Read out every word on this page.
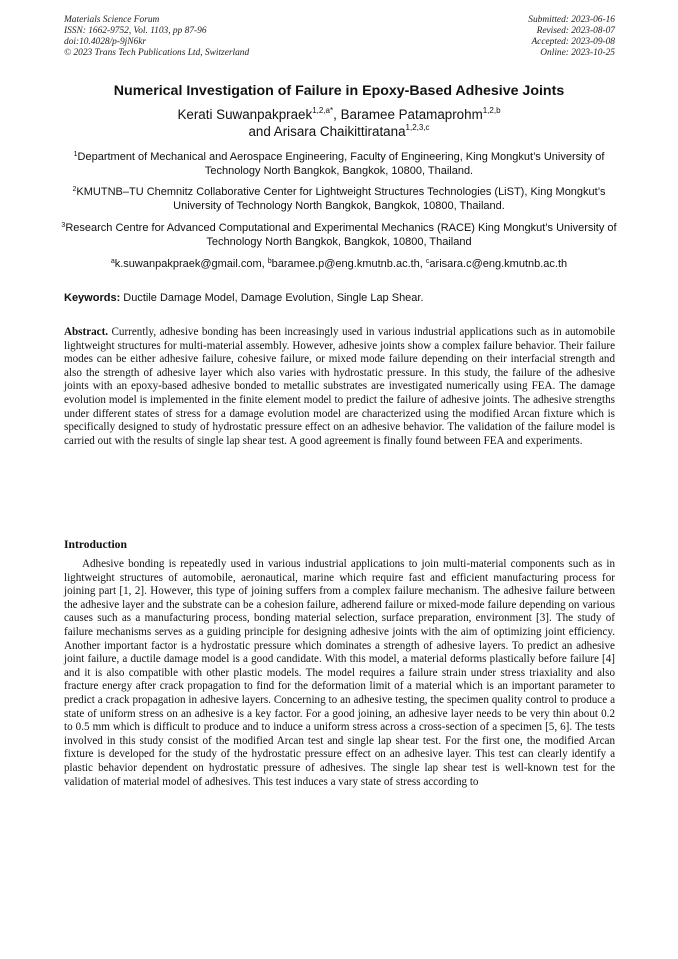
Materials Science Forum
ISSN: 1662-9752, Vol. 1103, pp 87-96
doi:10.4028/p-9jN6kr
© 2023 Trans Tech Publications Ltd, Switzerland
Submitted: 2023-06-16
Revised: 2023-08-07
Accepted: 2023-09-08
Online: 2023-10-25
Numerical Investigation of Failure in Epoxy-Based Adhesive Joints
Kerati Suwanpakpraek$^{1,2,a*}$, Baramee Patamaprohm$^{1,2,b}$
and Arisara Chaikittiratana$^{1,2,3,c}$
$^1$Department of Mechanical and Aerospace Engineering, Faculty of Engineering, King Mongkut’s University of Technology North Bangkok, Bangkok, 10800, Thailand.
$^2$KMUTNB–TU Chemnitz Collaborative Center for Lightweight Structures Technologies (LiST), King Mongkut’s University of Technology North Bangkok, Bangkok, 10800, Thailand.
$^3$Research Centre for Advanced Computational and Experimental Mechanics (RACE) King Mongkut’s University of Technology North Bangkok, Bangkok, 10800, Thailand
$^a$k.suwanpakpraek@gmail.com, $^b$baramee.p@eng.kmutnb.ac.th, $^c$arisara.c@eng.kmutnb.ac.th
Keywords: Ductile Damage Model, Damage Evolution, Single Lap Shear.
Abstract. Currently, adhesive bonding has been increasingly used in various industrial applications such as in automobile lightweight structures for multi-material assembly. However, adhesive joints show a complex failure behavior. Their failure modes can be either adhesive failure, cohesive failure, or mixed mode failure depending on their interfacial strength and also the strength of adhesive layer which also varies with hydrostatic pressure. In this study, the failure of the adhesive joints with an epoxy-based adhesive bonded to metallic substrates are investigated numerically using FEA. The damage evolution model is implemented in the finite element model to predict the failure of adhesive joints. The adhesive strengths under different states of stress for a damage evolution model are characterized using the modified Arcan fixture which is specifically designed to study of hydrostatic pressure effect on an adhesive behavior. The validation of the failure model is carried out with the results of single lap shear test. A good agreement is finally found between FEA and experiments.
Introduction
Adhesive bonding is repeatedly used in various industrial applications to join multi-material components such as in lightweight structures of automobile, aeronautical, marine which require fast and efficient manufacturing process for joining part [1, 2]. However, this type of joining suffers from a complex failure mechanism. The adhesive failure between the adhesive layer and the substrate can be a cohesion failure, adherend failure or mixed-mode failure depending on various causes such as a manufacturing process, bonding material selection, surface preparation, environment [3]. The study of failure mechanisms serves as a guiding principle for designing adhesive joints with the aim of optimizing joint efficiency. Another important factor is a hydrostatic pressure which dominates a strength of adhesive layers. To predict an adhesive joint failure, a ductile damage model is a good candidate. With this model, a material deforms plastically before failure [4] and it is also compatible with other plastic models. The model requires a failure strain under stress triaxiality and also fracture energy after crack propagation to find for the deformation limit of a material which is an important parameter to predict a crack propagation in adhesive layers. Concerning to an adhesive testing, the specimen quality control to produce a state of uniform stress on an adhesive is a key factor. For a good joining, an adhesive layer needs to be very thin about 0.2 to 0.5 mm which is difficult to produce and to induce a uniform stress across a cross-section of a specimen [5, 6]. The tests involved in this study consist of the modified Arcan test and single lap shear test. For the first one, the modified Arcan fixture is developed for the study of the hydrostatic pressure effect on an adhesive layer. This test can clearly identify a plastic behavior dependent on hydrostatic pressure of adhesives. The single lap shear test is well-known test for the validation of material model of adhesives. This test induces a vary state of stress according to
